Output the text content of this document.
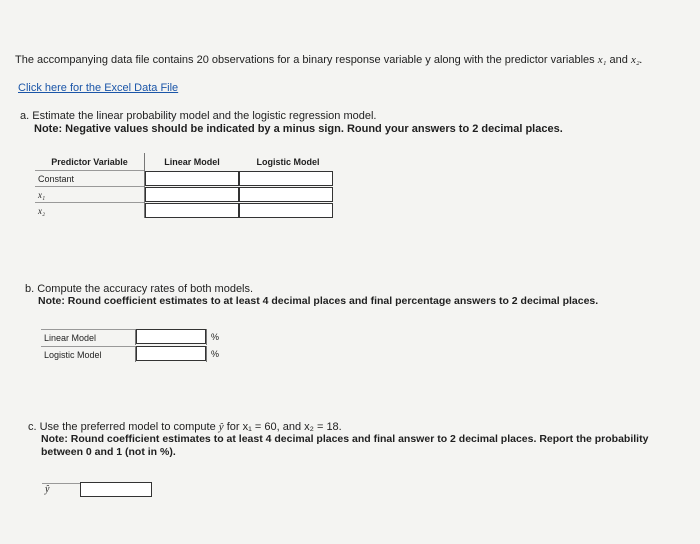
The accompanying data file contains 20 observations for a binary response variable y along with the predictor variables x₁ and x₂.
Click here for the Excel Data File
a. Estimate the linear probability model and the logistic regression model.
Note: Negative values should be indicated by a minus sign. Round your answers to 2 decimal places.
Predictor Variable	Linear Model	Logistic Model
Constant	

x₁	

x₂	

b. Compute the accuracy rates of both models.
Note: Round coefficient estimates to at least 4 decimal places and final percentage answers to 2 decimal places.
Linear Model	%
Logistic Model	%
c. Use the preferred model to compute ŷ for x₁ = 60, and x₂ = 18.
Note: Round coefficient estimates to at least 4 decimal places and final answer to 2 decimal places. Report the probability between 0 and 1 (not in %).
ŷ
